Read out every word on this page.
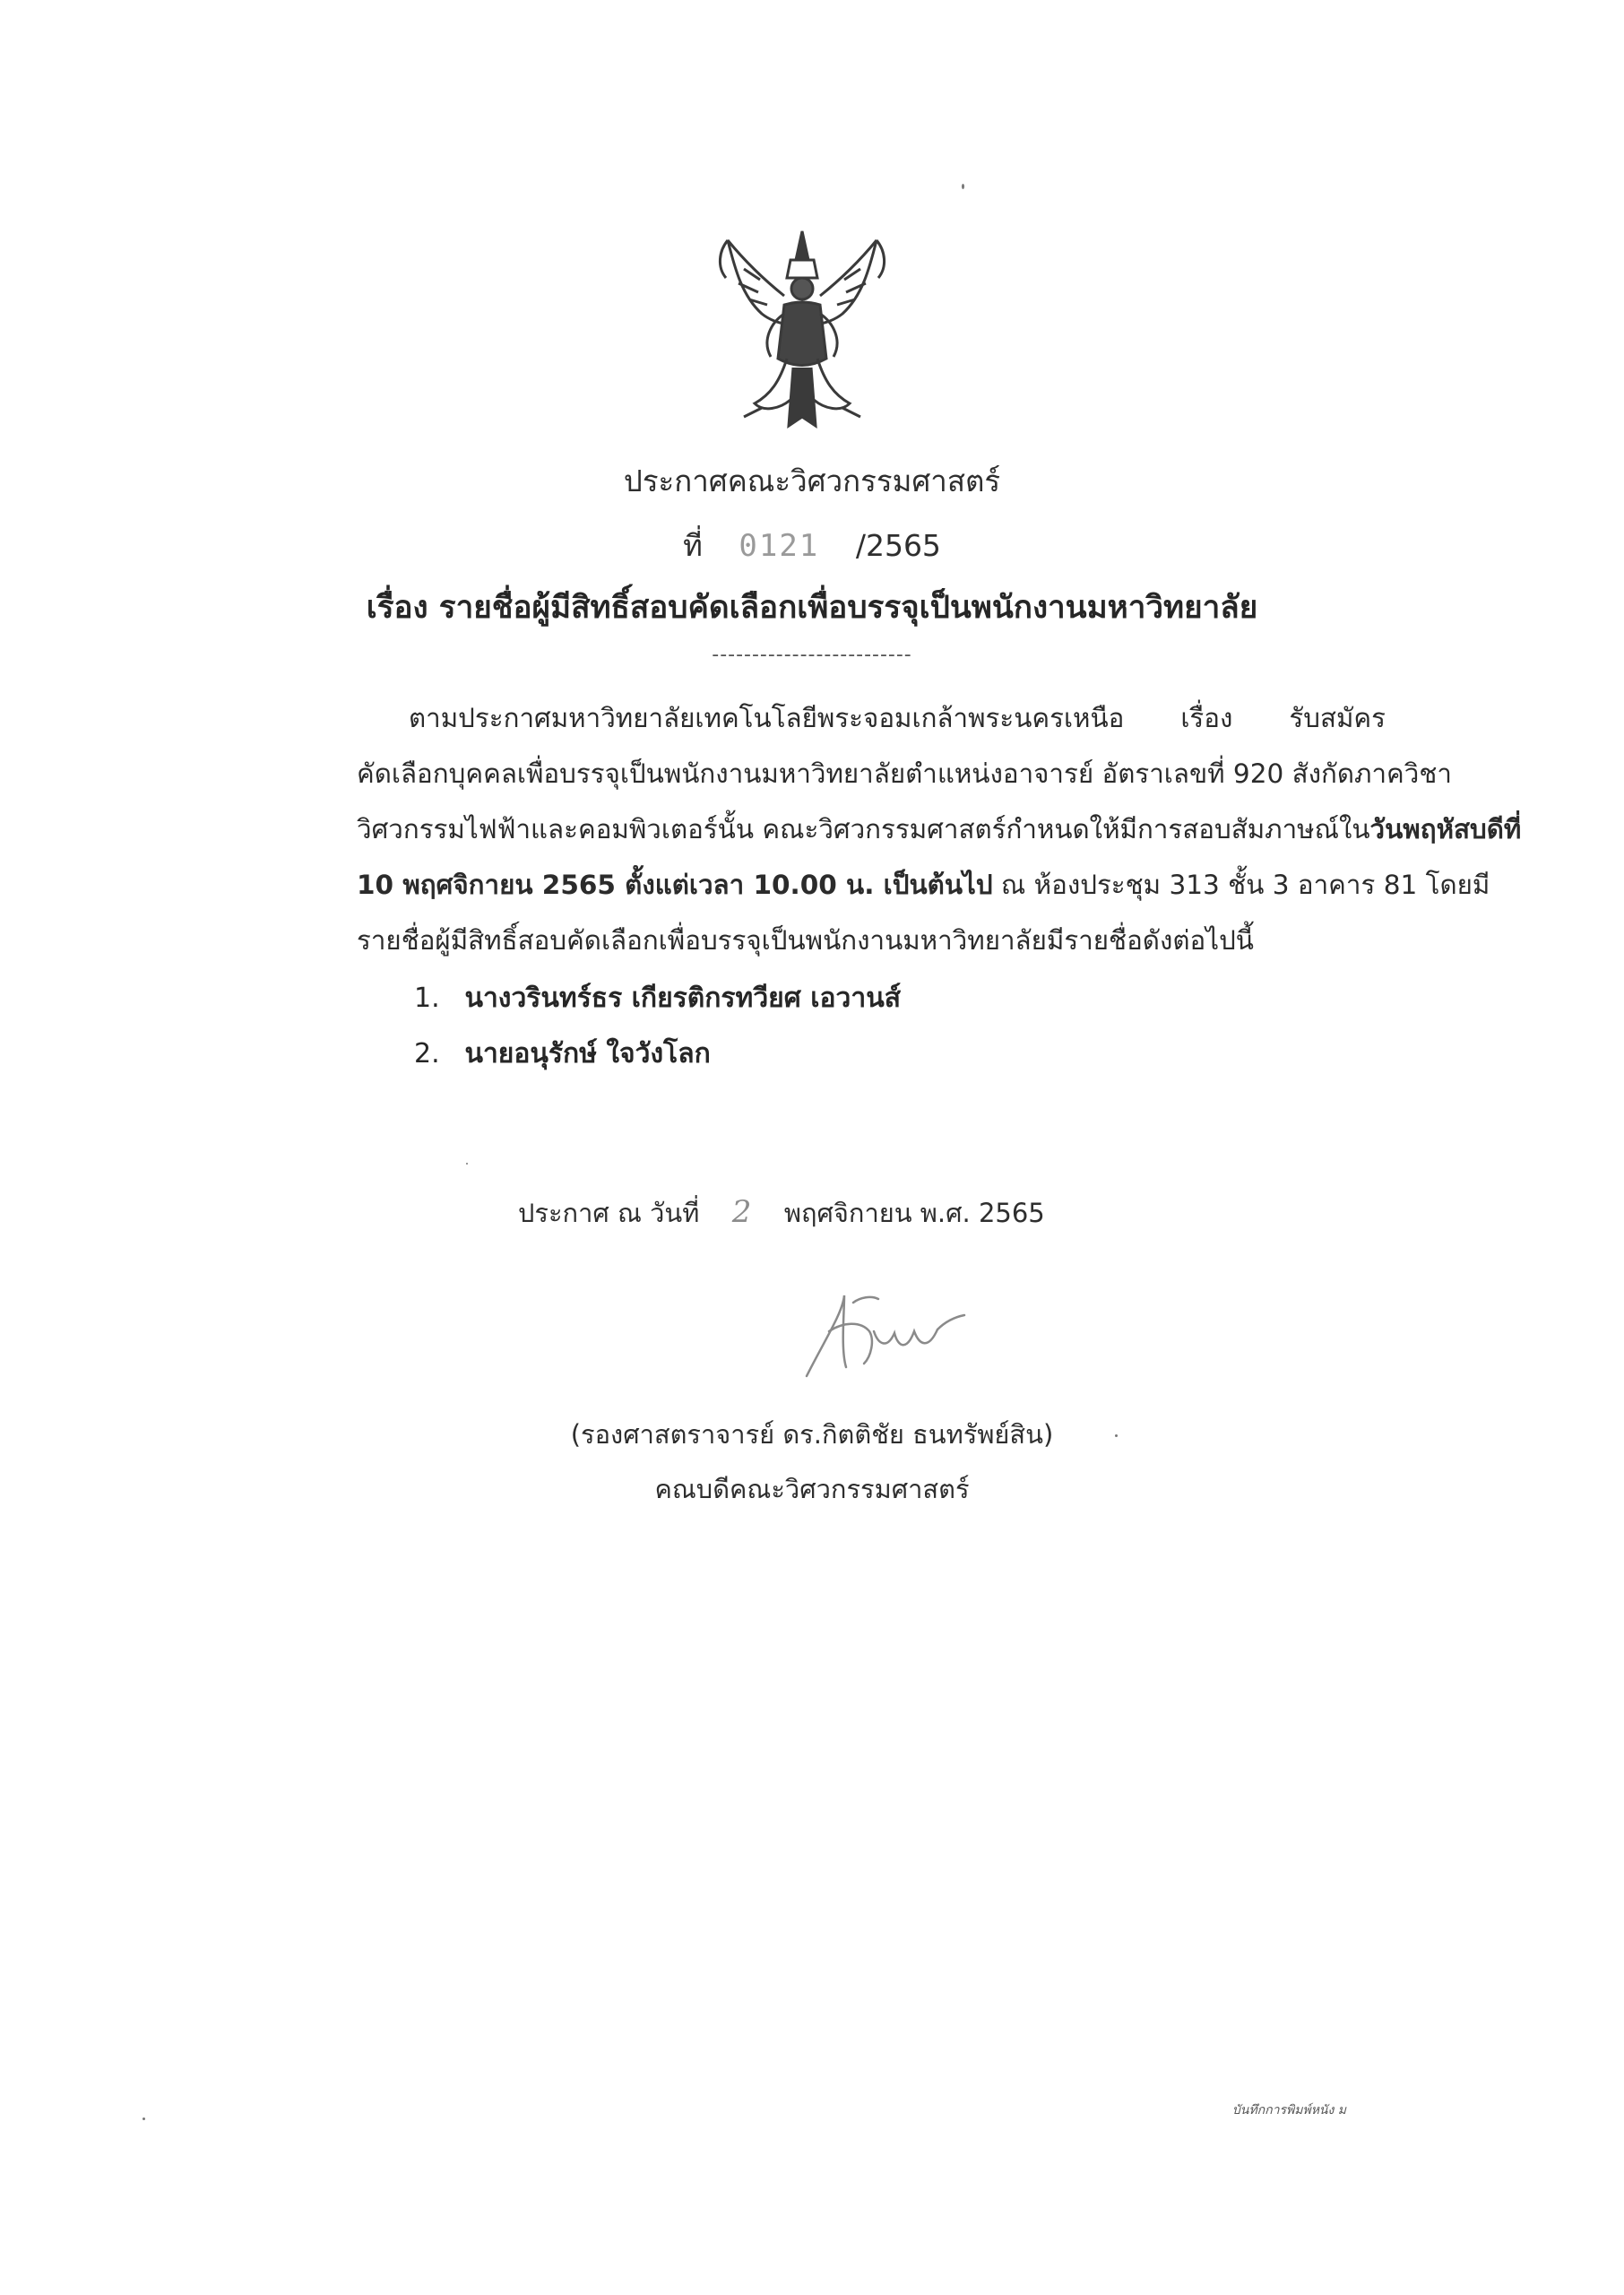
ประกาศคณะวิศวกรรมศาสตร์
ที่ 0121 /2565
เรื่อง รายชื่อผู้มีสิทธิ์สอบคัดเลือกเพื่อบรรจุเป็นพนักงานมหาวิทยาลัย
-------------------------
ตามประกาศมหาวิทยาลัยเทคโนโลยีพระจอมเกล้าพระนครเหนือ เรื่อง รับสมัคร
คัดเลือกบุคคลเพื่อบรรจุเป็นพนักงานมหาวิทยาลัยตำแหน่งอาจารย์ อัตราเลขที่ 920 สังกัดภาควิชา
วิศวกรรมไฟฟ้าและคอมพิวเตอร์นั้น คณะวิศวกรรมศาสตร์กำหนดให้มีการสอบสัมภาษณ์ในวันพฤหัสบดีที่
10 พฤศจิกายน 2565 ตั้งแต่เวลา 10.00 น. เป็นต้นไป ณ ห้องประชุม 313 ชั้น 3 อาคาร 81 โดยมี
รายชื่อผู้มีสิทธิ์สอบคัดเลือกเพื่อบรรจุเป็นพนักงานมหาวิทยาลัยมีรายชื่อดังต่อไปนี้
1. นางวรินทร์ธร เกียรติกรทวียศ เอวานส์
2. นายอนุรักษ์ ใจวังโลก
ประกาศ ณ วันที่ 2 พฤศจิกายน พ.ศ. 2565
(รองศาสตราจารย์ ดร.กิตติชัย ธนทรัพย์สิน)
คณบดีคณะวิศวกรรมศาสตร์
บันทึกการพิมพ์หนัง ม
